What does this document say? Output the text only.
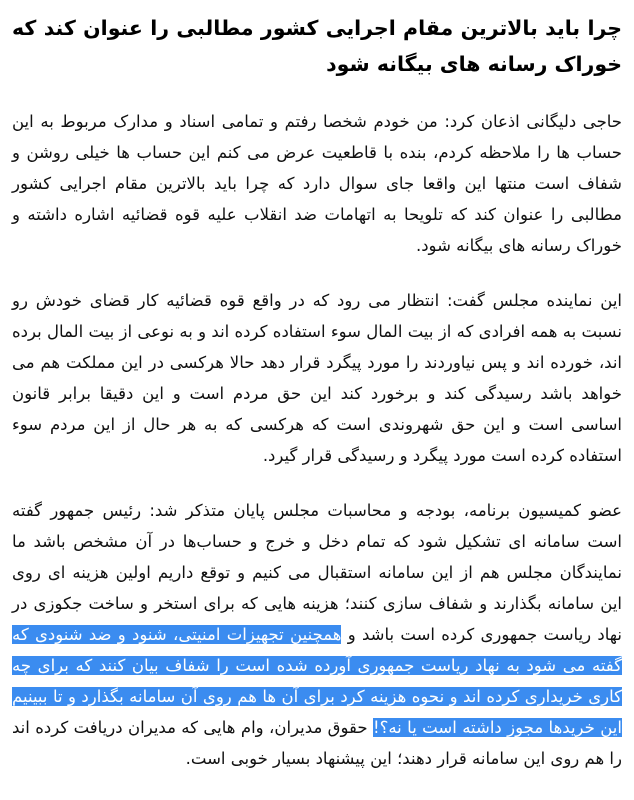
چرا باید بالاترین مقام اجرایی کشور مطالبی را عنوان کند که خوراک رسانه های بیگانه شود

حاجی دلیگانی اذعان کرد: من خودم شخصا رفتم و تمامی اسناد و مدارک مربوط به این حساب ها را ملاحظه کردم، بنده با قاطعیت عرض می کنم این حساب ها خیلی روشن و شفاف است منتها این واقعا جای سوال دارد که چرا باید بالاترین مقام اجرایی کشور مطالبی را عنوان کند که تلویحا به اتهامات ضد انقلاب علیه قوه قضائیه اشاره داشته و خوراک رسانه های بیگانه شود.

این نماینده مجلس گفت: انتظار می رود که در واقع قوه قضائیه کار قضای خودش رو نسبت به همه افرادی که از بیت المال سوء استفاده کرده اند و به نوعی از بیت المال برده اند، خورده اند و پس نیاوردند را مورد پیگرد قرار دهد حالا هرکسی در این مملکت هم می خواهد باشد رسیدگی کند و برخورد کند این حق مردم است و این دقیقا برابر قانون اساسی است و این حق شهروندی است که هرکسی که به هر حال از این مردم سوء استفاده کرده است مورد پیگرد و رسیدگی قرار گیرد.

عضو کمیسیون برنامه، بودجه و محاسبات مجلس پایان متذکر شد: رئیس جمهور گفته است سامانه ای تشکیل شود که تمام دخل و خرج و حساب‌ها در آن مشخص باشد ما نمایندگان مجلس هم از این سامانه استقبال می کنیم و توقع داریم اولین هزینه ای روی این سامانه بگذارند و شفاف سازی کنند؛ هزینه هایی که برای استخر و ساخت جکوزی در نهاد ریاست جمهوری کرده است باشد و همچنین تجهیزات امنیتی، شنود و ضد شنودی که گفته می شود به نهاد ریاست جمهوری آورده شده است را شفاف بیان کنند که برای چه کاری خریداری کرده اند و نحوه هزینه کرد برای آن ها هم روی آن سامانه بگذارد و تا ببینیم این خریدها مجوز داشته است یا نه؟! حقوق مدیران، وام هایی که مدیران دریافت کرده اند را هم روی این سامانه قرار دهند؛ این پیشنهاد بسیار خوبی است.
